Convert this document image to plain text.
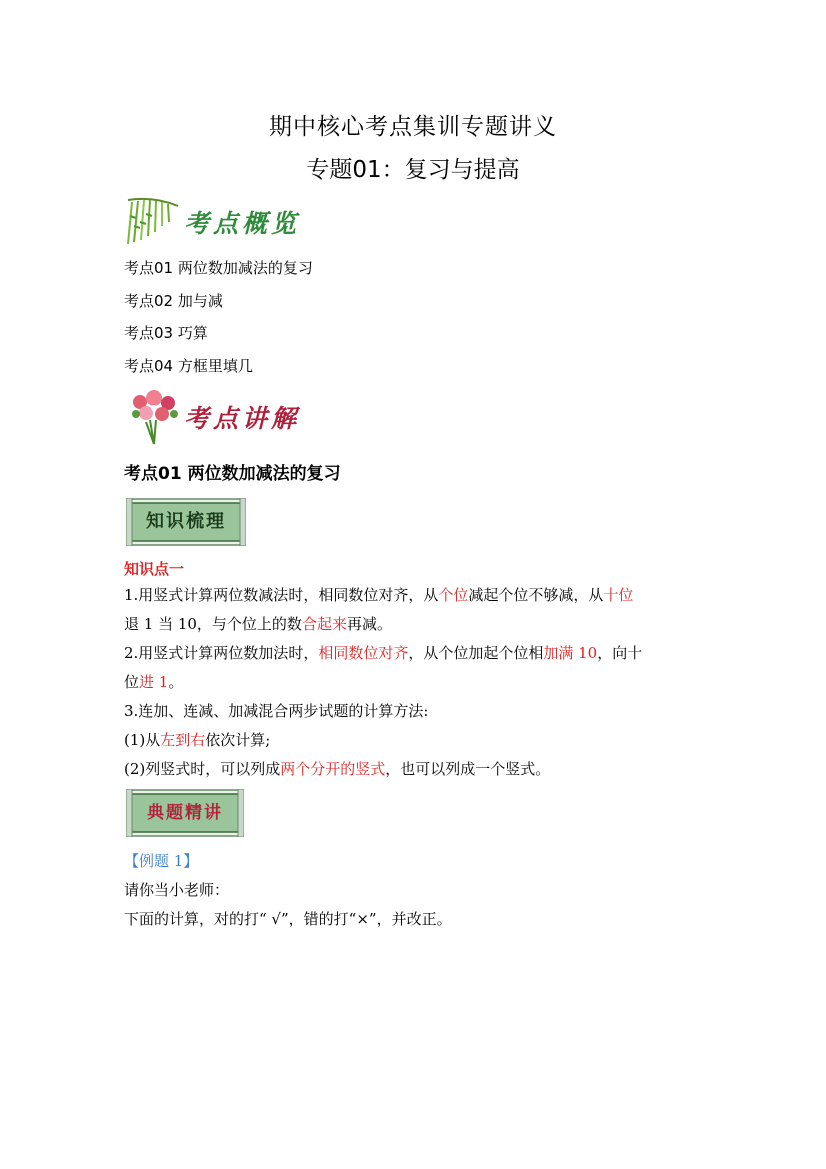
期中核心考点集训专题讲义
专题01：复习与提高
考点概览
考点01 两位数加减法的复习
考点02 加与减
考点03 巧算
考点04 方框里填几
考点讲解
考点01 两位数加减法的复习
知识梳理
知识点一
1.用竖式计算两位数减法时，相同数位对齐，从个位减起个位不够减，从十位
退 1 当 10，与个位上的数合起来再减。
2.用竖式计算两位数加法时，相同数位对齐，从个位加起个位相加满 10，向十
位进 1。
3.连加、连减、加减混合两步试题的计算方法:
(1)从左到右依次计算;
(2)列竖式时，可以列成两个分开的竖式，也可以列成一个竖式。
典题精讲
【例题 1】
请你当小老师：
下面的计算，对的打“ √”，错的打“×”，并改正。
